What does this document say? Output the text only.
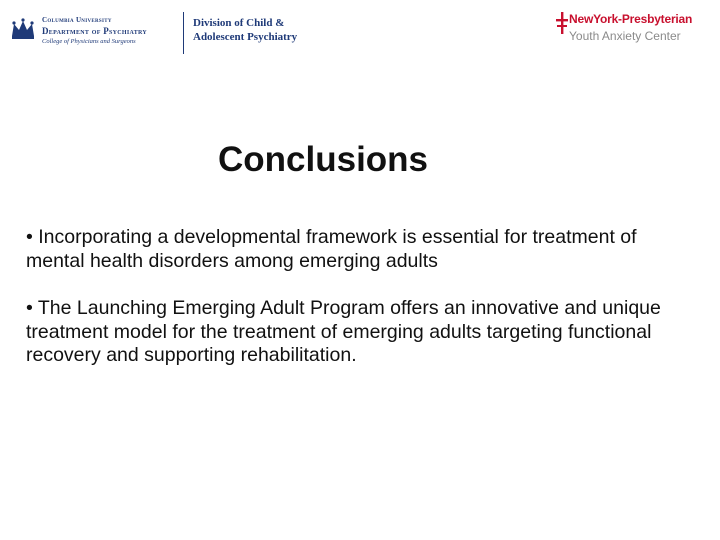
Columbia University
Department of Psychiatry
College of Physicians and Surgeons
Division of Child &
Adolescent Psychiatry
NewYork-Presbyterian
Youth Anxiety Center
Conclusions

• Incorporating a developmental framework is essential for treatment of mental health disorders among emerging adults

• The Launching Emerging Adult Program offers an innovative and unique treatment model for the treatment of emerging adults targeting functional recovery and supporting rehabilitation.
